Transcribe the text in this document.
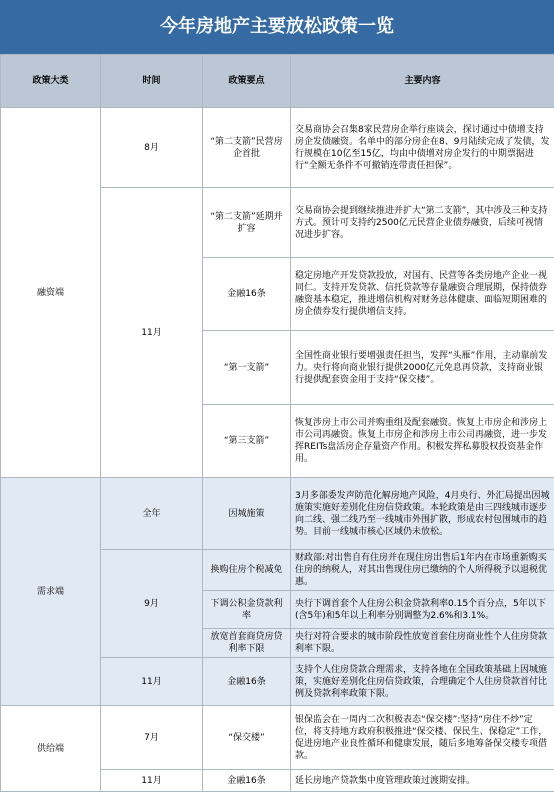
今年房地产主要放松政策一览
政策大类	时间	政策要点	主要内容
融资端	8月	“第二支箭”民营房企首批	交易商协会召集8家民营房企举行座谈会，探讨通过中债增支持房企发债融资。名单中的部分房企在8、9月陆续完成了发债，发行规模在10亿至15亿，均由中债增对房企发行的中期票据进行“全额无条件不可撤销连带责任担保”。
	11月	“第二支箭”延期并扩容	交易商协会提到继续推进并扩大“第二支箭”，其中涉及三种支持方式。预计可支持约2500亿元民营企业债券融资，后续可视情况进步扩容。
		金融16条	稳定房地产开发贷款投放，对国有、民营等各类房地产企业一视同仁。支持开发贷款、信托贷款等存量融资合理展期，保持债券融资基本稳定，推进增信机构对财务总体健康、面临短期困难的房企债券发行提供增信支持。
		“第一支箭”	全国性商业银行要增强责任担当，发挥“头雁”作用，主动靠前发力。央行将向商业银行提供2000亿元免息再贷款，支持商业银行提供配套资金用于支持“保交楼”。
		“第三支箭”	恢复涉房上市公司并购重组及配套融资。恢复上市房企和涉房上市公司再融资。恢复上市房企和涉房上市公司再融资，进一步发挥REITs盘活房企存量资产作用。积极发挥私募股权投资基金作用。
需求端	全年	因城施策	3月多部委发声防范化解房地产风险，4月央行、外汇局提出因城施策实施好差别化住房信贷政策。本轮政策是由三四线城市逐步向二线、强二线乃至一线城市外围扩散，形成农村包围城市的趋势。目前一线城市核心区域仍未放松。
	9月	换购住房个税减免	财政部:对出售自有住房并在现住房出售后1年内在市场重新购买住房的纳税人，对其出售现住房已缴纳的个人所得税予以退税优惠。
		下调公积金贷款利率	央行下调首套个人住房公积金贷款利率0.15个百分点，5年以下(含5年)和5年以上利率分别调整为2.6%和3.1%。
		放宽首套商贷房贷利率下限	央行对符合要求的城市阶段性放宽首套住房商业性个人住房贷款利率下限。
	11月	金融16条	支持个人住房贷款合理需求，支持各地在全国政策基础上因城施策，实施好差别化住房信贷政策，合理确定个人住房贷款首付比例及贷款利率政策下限。
供给端	7月	“保交楼”	银保监会在一周内二次积极表态“保交楼”:坚持“房住不炒”定位，将支持地方政府积极推进“保交楼、保民生、保稳定”工作，促进房地产业良性循环和健康发展，随后多地筹备保交楼专项借款。
	11月	金融16条	延长房地产贷款集中度管理政策过渡期安排。
